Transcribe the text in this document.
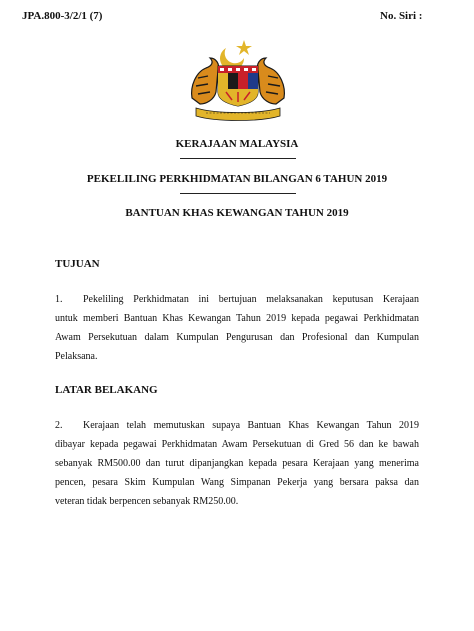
JPA.800-3/2/1 (7)	No. Siri :
KERAJAAN MALAYSIA
PEKELILING PERKHIDMATAN BILANGAN 6 TAHUN 2019
BANTUAN KHAS KEWANGAN TAHUN 2019
TUJUAN
1. Pekeliling Perkhidmatan ini bertujuan melaksanakan keputusan Kerajaan
untuk memberi Bantuan Khas Kewangan Tahun 2019 kepada pegawai Perkhidmatan
Awam Persekutuan dalam Kumpulan Pengurusan dan Profesional dan Kumpulan
Pelaksana.
LATAR BELAKANG
2. Kerajaan telah memutuskan supaya Bantuan Khas Kewangan Tahun 2019
dibayar kepada pegawai Perkhidmatan Awam Persekutuan di Gred 56 dan ke bawah
sebanyak RM500.00 dan turut dipanjangkan kepada pesara Kerajaan yang menerima
pencen, pesara Skim Kumpulan Wang Simpanan Pekerja yang bersara paksa dan
veteran tidak berpencen sebanyak RM250.00.
